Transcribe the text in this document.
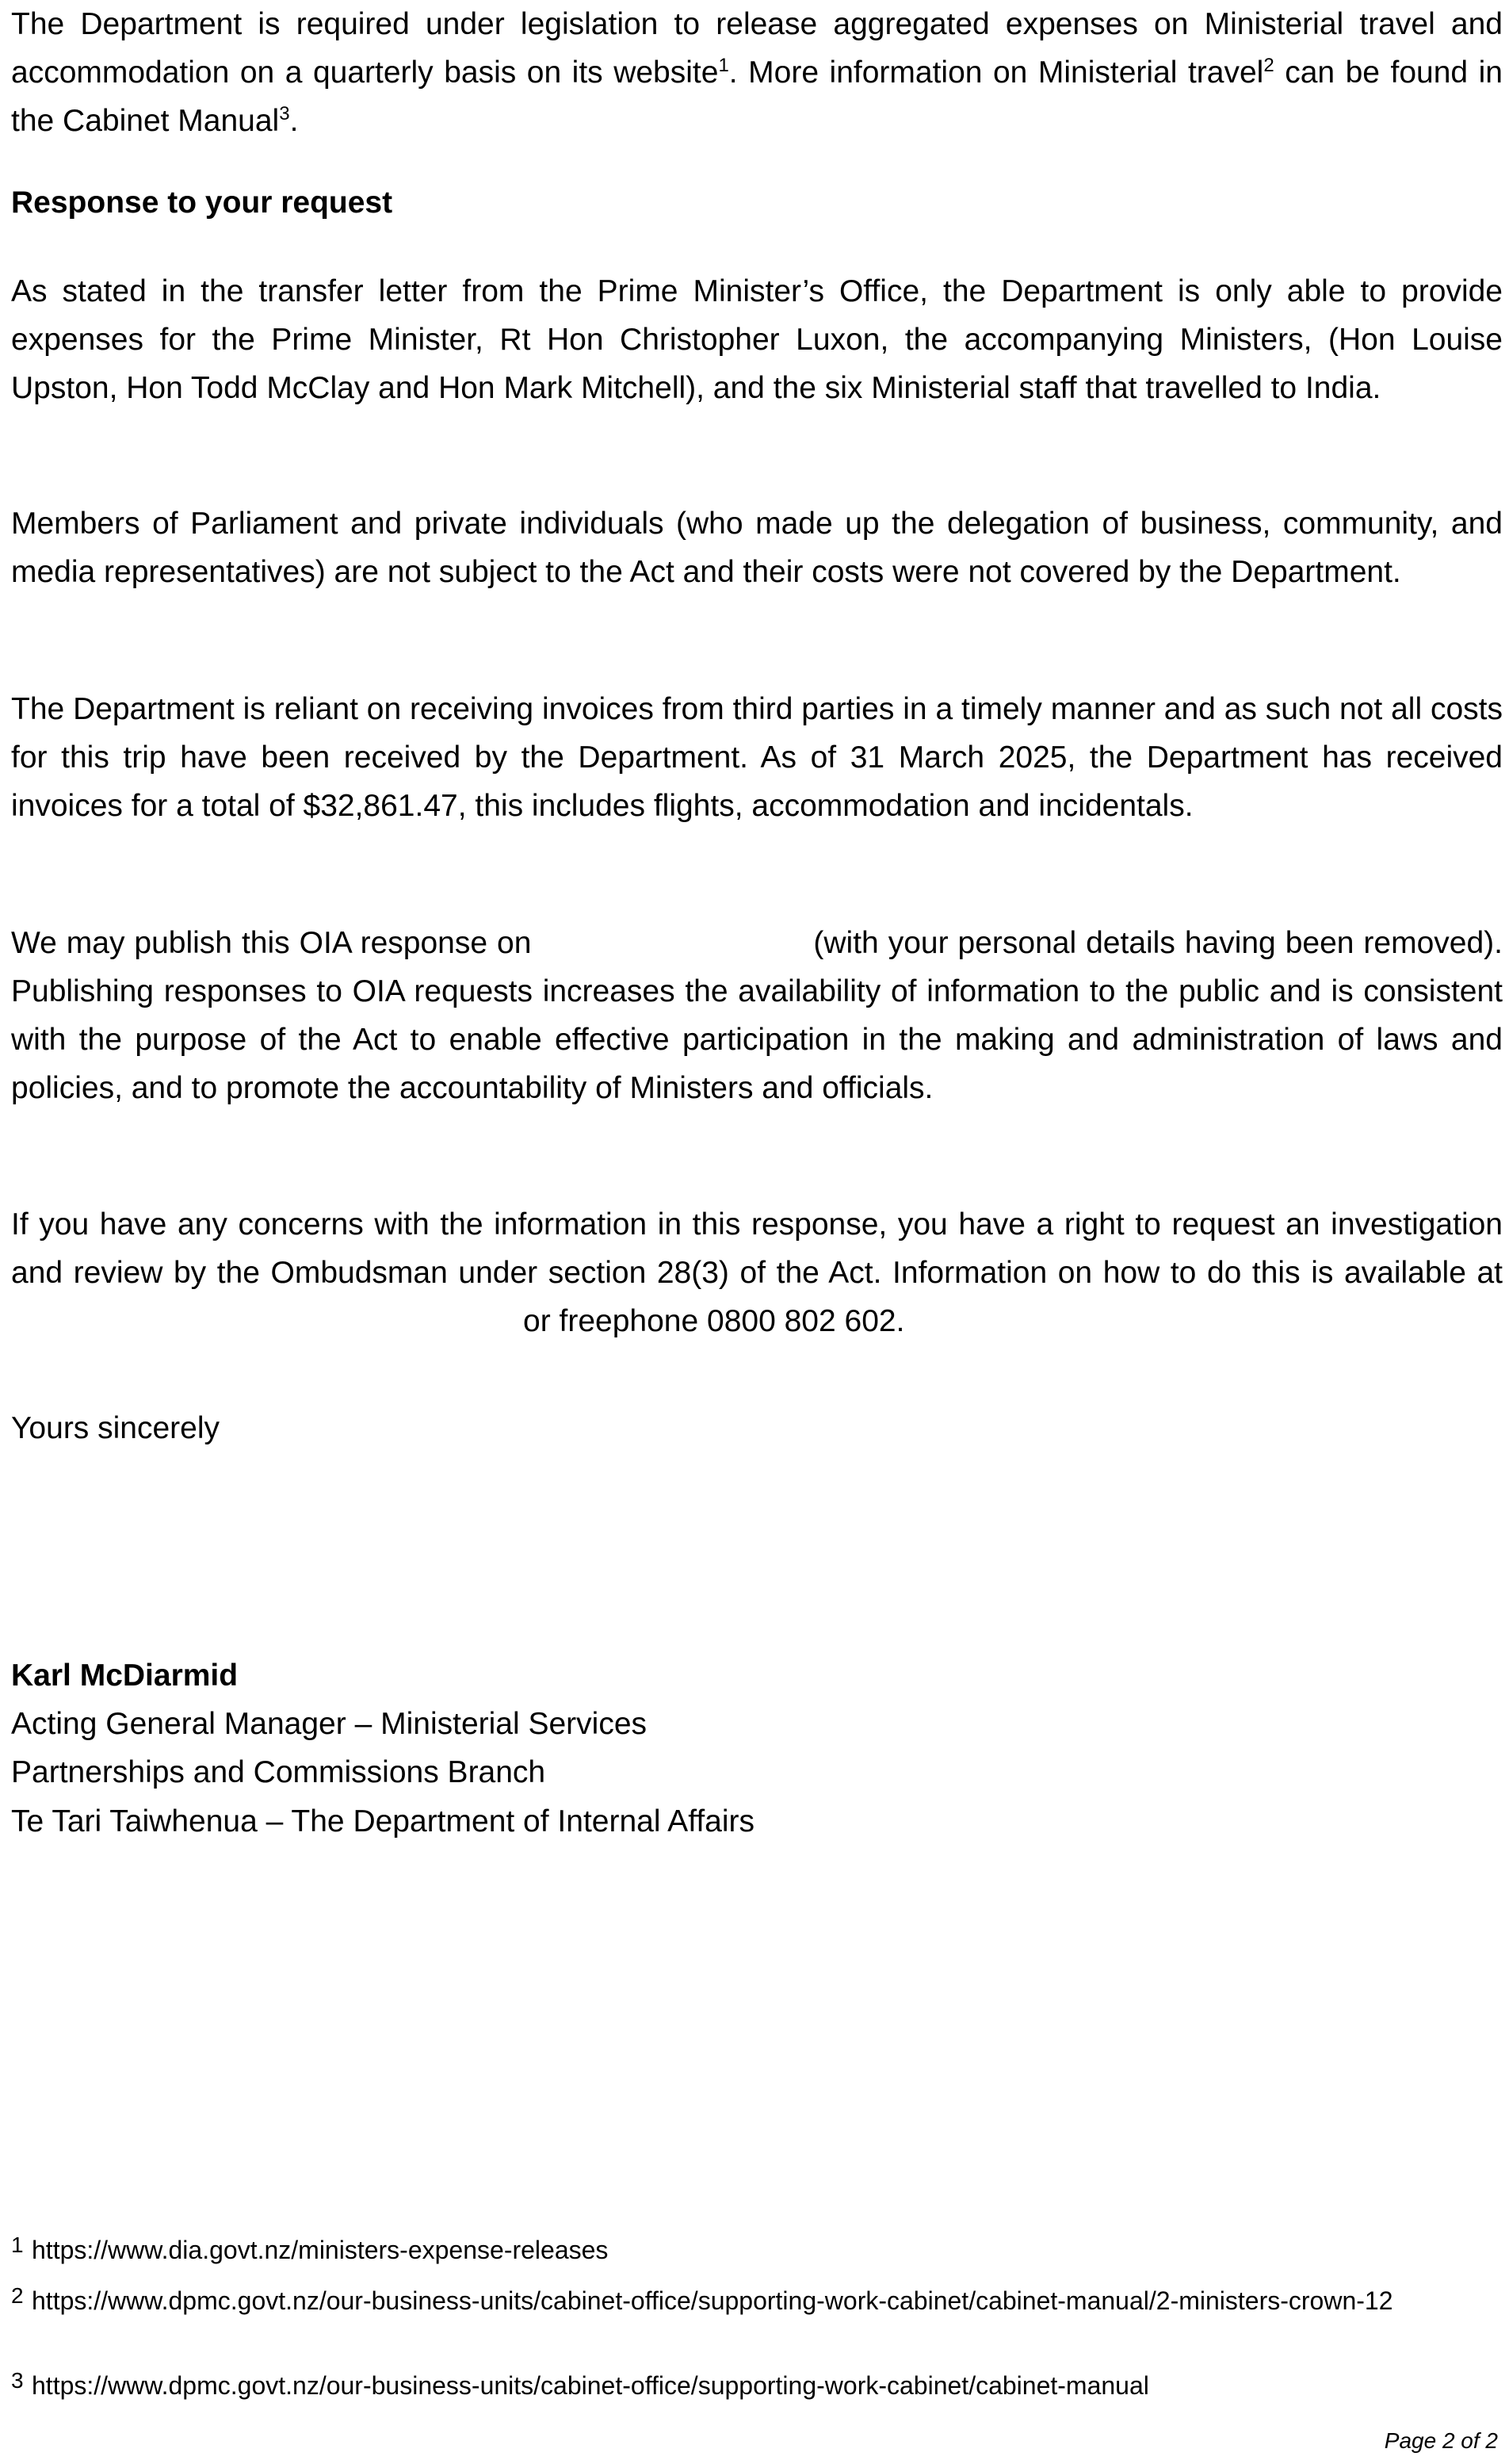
The Department is required under legislation to release aggregated expenses on Ministerial travel and accommodation on a quarterly basis on its website$^1$. More information on Ministerial travel$^2$ can be found in the Cabinet Manual$^3$.

Response to your request

As stated in the transfer letter from the Prime Minister’s Office, the Department is only able to provide expenses for the Prime Minister, Rt Hon Christopher Luxon, the accompanying Ministers, (Hon Louise Upston, Hon Todd McClay and Hon Mark Mitchell), and the six Ministerial staff that travelled to India.

Members of Parliament and private individuals (who made up the delegation of business, community, and media representatives) are not subject to the Act and their costs were not covered by the Department.

The Department is reliant on receiving invoices from third parties in a timely manner and as such not all costs for this trip have been received by the Department. As of 31 March 2025, the Department has received invoices for a total of $32,861.47, this includes flights, accommodation and incidentals.

We may publish this OIA response on	(with your personal details having been removed). Publishing responses to OIA requests increases the availability of information to the public and is consistent with the purpose of the Act to enable effective participation in the making and administration of laws and policies, and to promote the accountability of Ministers and officials.

If you have any concerns with the information in this response, you have a right to request an investigation and review by the Ombudsman under section 28(3) of the Act. Information on how to do this is available ator freephone 0800 802 602.

Yours sincerely

Karl McDiarmid

Acting General Manager – Ministerial Services

Partnerships and Commissions Branch

Te Tari Taiwhenua – The Department of Internal Affairs

1 https://www.dia.govt.nz/ministers-expense-releases
2 https://www.dpmc.govt.nz/our-business-units/cabinet-office/supporting-work-cabinet/cabinet-manual/2-ministers-crown-12
3 https://www.dpmc.govt.nz/our-business-units/cabinet-office/supporting-work-cabinet/cabinet-manual

Page 2 of 2
